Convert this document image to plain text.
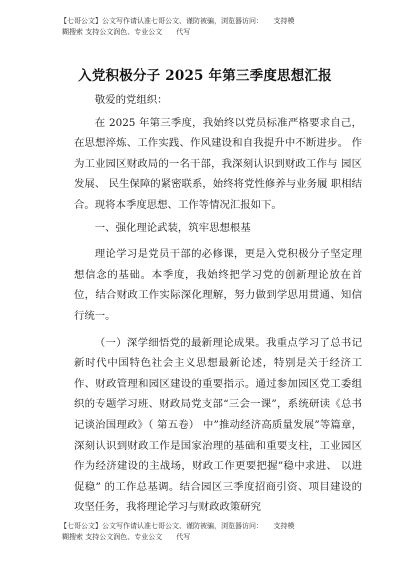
【七哥公文】公文写作请认准七哥公文、谨防被骗，浏览器访问：　　支持模
糊搜索 支持公文润色、专业公文　　代写
入党积极分子 2025 年第三季度思想汇报

敬爱的党组织：

在 2025 年第三季度，我始终以党员标准严格要求自己， 在思想淬炼、工作实践、作风建设和自我提升中不断进步。 作为工业园区财政局的一名干部，我深刻认识到财政工作与 园区发展、 民生保障的紧密联系，始终将党性修养与业务履 职相结合。现将本季度思想、工作等情况汇报如下。

一、强化理论武装，筑牢思想根基

理论学习是党员干部的必修课，更是入党积极分子坚定理想信念的基础。本季度，我始终把学习党的创新理论放在首位，结合财政工作实际深化理解，努力做到学思用贯通、知信行统一。

（一）深学细悟党的最新理论成果。我重点学习了总书记新时代中国特色社会主义思想最新论述，特别是关于经济工作、财政管理和园区建设的重要指示。通过参加园区党工委组织的专题学习班、财政局党支部“三会一课”，系统研读《总书记谈治国理政》（ 第五卷） 中”推动经济高质量发展”等篇章，深刻认识到财政工作是国家治理的基础和重要支柱，工业园区作为经济建设的主战场，财政工作更要把握”稳中求进、 以进促稳” 的工作总基调。结合园区三季度招商引资、项目建设的攻坚任务，我将理论学习与财政政策研究

【七哥公文】公文写作请认准七哥公文、谨防被骗，浏览器访问：　　支持模
糊搜索 支持公文润色、专业公文　　代写
